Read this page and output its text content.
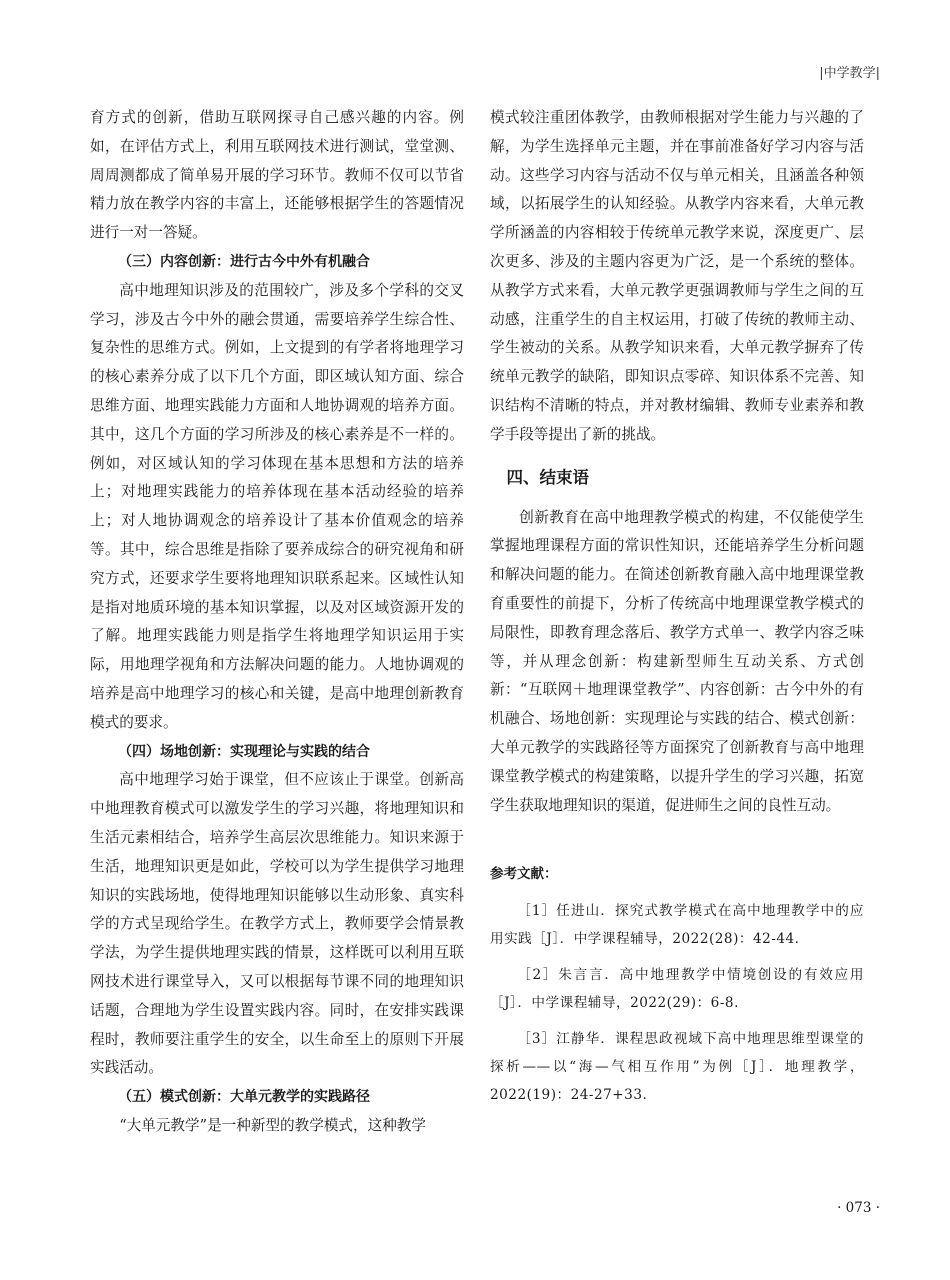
|中学教学|

育方式的创新，借助互联网探寻自己感兴趣的内容。例如，在评估方式上，利用互联网技术进行测试，堂堂测、周周测都成了简单易开展的学习环节。教师不仅可以节省精力放在教学内容的丰富上，还能够根据学生的答题情况进行一对一答疑。

（三）内容创新：进行古今中外有机融合

高中地理知识涉及的范围较广，涉及多个学科的交叉学习，涉及古今中外的融会贯通，需要培养学生综合性、复杂性的思维方式。例如，上文提到的有学者将地理学习的核心素养分成了以下几个方面，即区域认知方面、综合思维方面、地理实践能力方面和人地协调观的培养方面。其中，这几个方面的学习所涉及的核心素养是不一样的。例如，对区域认知的学习体现在基本思想和方法的培养上；对地理实践能力的培养体现在基本活动经验的培养上；对人地协调观念的培养设计了基本价值观念的培养等。其中，综合思维是指除了要养成综合的研究视角和研究方式，还要求学生要将地理知识联系起来。区域性认知是指对地质环境的基本知识掌握，以及对区域资源开发的了解。地理实践能力则是指学生将地理学知识运用于实际，用地理学视角和方法解决问题的能力。人地协调观的培养是高中地理学习的核心和关键，是高中地理创新教育模式的要求。

（四）场地创新：实现理论与实践的结合

高中地理学习始于课堂，但不应该止于课堂。创新高中地理教育模式可以激发学生的学习兴趣，将地理知识和生活元素相结合，培养学生高层次思维能力。知识来源于生活，地理知识更是如此，学校可以为学生提供学习地理知识的实践场地，使得地理知识能够以生动形象、真实科学的方式呈现给学生。在教学方式上，教师要学会情景教学法，为学生提供地理实践的情景，这样既可以利用互联网技术进行课堂导入，又可以根据每节课不同的地理知识话题，合理地为学生设置实践内容。同时，在安排实践课程时，教师要注重学生的安全，以生命至上的原则下开展实践活动。

（五）模式创新：大单元教学的实践路径

“大单元教学”是一种新型的教学模式，这种教学

模式较注重团体教学，由教师根据对学生能力与兴趣的了解，为学生选择单元主题，并在事前准备好学习内容与活动。这些学习内容与活动不仅与单元相关，且涵盖各种领域，以拓展学生的认知经验。从教学内容来看，大单元教学所涵盖的内容相较于传统单元教学来说，深度更广、层次更多、涉及的主题内容更为广泛，是一个系统的整体。从教学方式来看，大单元教学更强调教师与学生之间的互动感，注重学生的自主权运用，打破了传统的教师主动、学生被动的关系。从教学知识来看，大单元教学摒弃了传统单元教学的缺陷，即知识点零碎、知识体系不完善、知识结构不清晰的特点，并对教材编辑、教师专业素养和教学手段等提出了新的挑战。

四、结束语

创新教育在高中地理教学模式的构建，不仅能使学生掌握地理课程方面的常识性知识，还能培养学生分析问题和解决问题的能力。在简述创新教育融入高中地理课堂教育重要性的前提下，分析了传统高中地理课堂教学模式的局限性，即教育理念落后、教学方式单一、教学内容乏味等，并从理念创新：构建新型师生互动关系、方式创新：“互联网＋地理课堂教学”、内容创新：古今中外的有机融合、场地创新：实现理论与实践的结合、模式创新：大单元教学的实践路径等方面探究了创新教育与高中地理课堂教学模式的构建策略，以提升学生的学习兴趣，拓宽学生获取地理知识的渠道，促进师生之间的良性互动。

参考文献：

［1］任进山．探究式教学模式在高中地理教学中的应用实践［J］．中学课程辅导，2022(28)：42-44.

［2］朱言言．高中地理教学中情境创设的有效应用［J］．中学课程辅导，2022(29)：6-8.

［3］江静华．课程思政视域下高中地理思维型课堂的探析——以“海—气相互作用”为例［J］．地理教学，2022(19)：24-27+33.

· 073 ·
